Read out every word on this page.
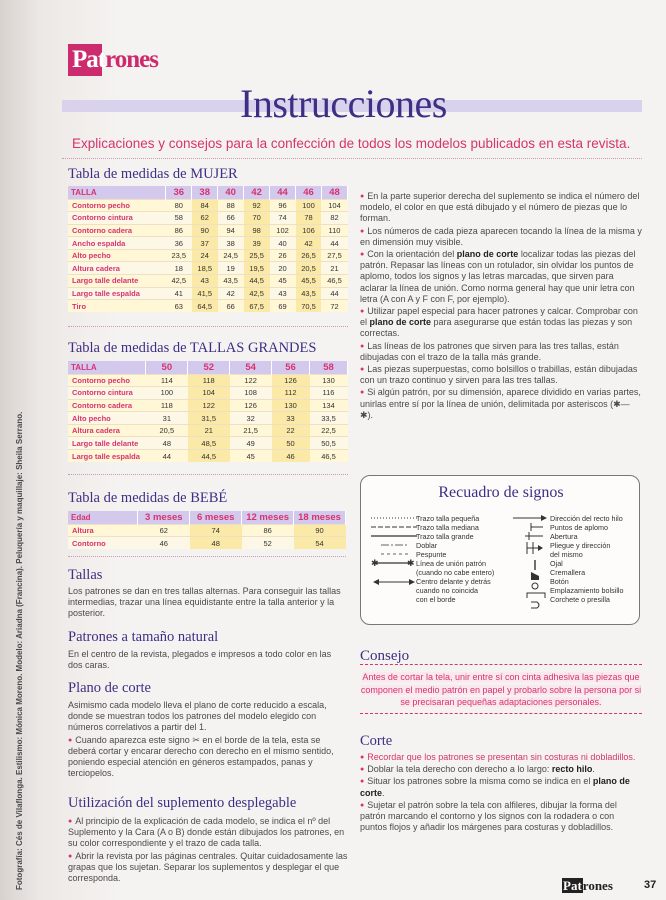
Fotografía: Cés de Vilaflonga. Estilismo: Mónica Moreno. Modelo: Ariadna (Francina). Peluquería y maquillaje: Sheila Serrano.
Patrones
Instrucciones
Explicaciones y consejos para la confección de todos los modelos publicados en esta revista.
Tabla de medidas de MUJER
TALLA	36	38	40	42	44	46	48
Contorno pecho	80	84	88	92	96	100	104
Contorno cintura	58	62	66	70	74	78	82
Contorno cadera	86	90	94	98	102	106	110
Ancho espalda	36	37	38	39	40	42	44
Alto pecho	23,5	24	24,5	25,5	26	26,5	27,5
Altura cadera	18	18,5	19	19,5	20	20,5	21
Largo talle delante	42,5	43	43,5	44,5	45	45,5	46,5
Largo talle espalda	41	41,5	42	42,5	43	43,5	44
Tiro	63	64,5	66	67,5	69	70,5	72
Tabla de medidas de TALLAS GRANDES
TALLA	50	52	54	56	58
Contorno pecho	114	118	122	126	130
Contorno cintura	100	104	108	112	116
Contorno cadera	118	122	126	130	134
Alto pecho	31	31,5	32	33	33,5
Altura cadera	20,5	21	21,5	22	22,5
Largo talle delante	48	48,5	49	50	50,5
Largo talle espalda	44	44,5	45	46	46,5
Tabla de medidas de BEBÉ
Edad	3 meses	6 meses	12 meses	18 meses
Altura	62	74	86	90
Contorno	46	48	52	54
Tallas
Los patrones se dan en tres tallas alternas. Para conseguir las tallas intermedias, trazar una línea equidistante entre la talla anterior y la posterior.
Patrones a tamaño natural
En el centro de la revista, plegados e impresos a todo color en las dos caras.
Plano de corte

Asimismo cada modelo lleva el plano de corte reducido a escala, donde se muestran todos los patrones del modelo elegido con números correlativos a partir del 1.

● Cuando aparezca este signo ✂ en el borde de la tela, esta se deberá cortar y encarar derecho con derecho en el mismo sentido, poniendo especial atención en géneros estampados, panas y terciopelos.

Utilización del suplemento desplegable

● Al principio de la explicación de cada modelo, se indica el nº del Suplemento y la Cara (A o B) donde están dibujados los patrones, en su color correspondiente y el trazo de cada talla.

● Abrir la revista por las páginas centrales. Quitar cuidadosamente las grapas que los sujetan. Separar los suplementos y desplegar el que corresponda.

● En la parte superior derecha del suplemento se indica el número del modelo, el color en que está dibujado y el número de piezas que lo forman.

● Los números de cada pieza aparecen tocando la línea de la misma y en dimensión muy visible.

● Con la orientación del plano de corte localizar todas las piezas del patrón. Repasar las líneas con un rotulador, sin olvidar los puntos de aplomo, todos los signos y las letras marcadas, que sirven para aclarar la línea de unión. Como norma general hay que unir letra con letra (A con A y F con F, por ejemplo).

● Utilizar papel especial para hacer patrones y calcar. Comprobar con el plano de corte para asegurarse que están todas las piezas y son correctas.

● Las líneas de los patrones que sirven para las tres tallas, están dibujadas con el trazo de la talla más grande.

● Las piezas superpuestas, como bolsillos o trabillas, están dibujadas con un trazo continuo y sirven para las tres tallas.

● Si algún patrón, por su dimensión, aparece dividido en varias partes, unirlas entre sí por la línea de unión, delimitada por asteriscos (✱—✱).

Recuadro de signos
✱	✱
Trazo talla pequeña
Trazo talla mediana
Trazo talla grande
Doblar
Pespunte
Línea de unión patrón
(cuando no cabe entero)
Centro delante y detrás
cuando no coincida
con el borde
Dirección del recto hilo
Puntos de aplomo
Abertura
Pliegue y dirección
del mismo
Ojal
Cremallera
Botón
Emplazamiento bolsillo
Corchete o presilla
Consejo
Antes de cortar la tela, unir entre sí con cinta adhesiva las piezas que componen el medio patrón en papel y probarlo sobre la persona por si se precisaran pequeñas adaptaciones personales.
Corte

● Recordar que los patrones se presentan sin costuras ni dobladillos.

● Doblar la tela derecho con derecho a lo largo: recto hilo.

● Situar los patrones sobre la misma como se indica en el plano de corte.

● Sujetar el patrón sobre la tela con alfileres, dibujar la forma del patrón marcando el contorno y los signos con la rodadera o con puntos flojos y añadir los márgenes para costuras y dobladillos.

Patrones	37
